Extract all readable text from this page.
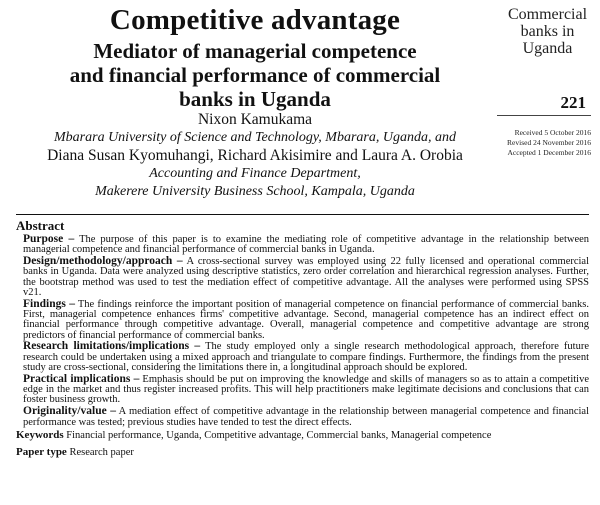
Competitive advantage
Mediator of managerial competence
and financial performance of commercial
banks in Uganda
Nixon Kamukama
Mbarara University of Science and Technology, Mbarara, Uganda, and
Diana Susan Kyomuhangi, Richard Akisimire and Laura A. Orobia
Accounting and Finance Department,
Makerere University Business School, Kampala, Uganda
Commercial
banks in
Uganda
221
Received 5 October 2016
Revised 24 November 2016
Accepted 1 December 2016
Abstract

Purpose – The purpose of this paper is to examine the mediating role of competitive advantage in the relationship between managerial competence and financial performance of commercial banks in Uganda.

Design/methodology/approach – A cross-sectional survey was employed using 22 fully licensed and operational commercial banks in Uganda. Data were analyzed using descriptive statistics, zero order correlation and hierarchical regression analyses. Further, the bootstrap method was used to test the mediation effect of competitive advantage. All the analyses were performed using SPSS v21.

Findings – The findings reinforce the important position of managerial competence on financial performance of commercial banks. First, managerial competence enhances firms' competitive advantage. Second, managerial competence has an indirect effect on financial performance through competitive advantage. Overall, managerial competence and competitive advantage are strong predictors of financial performance of commercial banks.

Research limitations/implications – The study employed only a single research methodological approach, therefore future research could be undertaken using a mixed approach and triangulate to compare findings. Furthermore, the findings from the present study are cross-sectional, considering the limitations there in, a longitudinal approach should be explored.

Practical implications – Emphasis should be put on improving the knowledge and skills of managers so as to attain a competitive edge in the market and thus register increased profits. This will help practitioners make legitimate decisions and conclusions that can foster business growth.

Originality/value – A mediation effect of competitive advantage in the relationship between managerial competence and financial performance was tested; previous studies have tended to test the direct effects.

Keywords Financial performance, Uganda, Competitive advantage, Commercial banks, Managerial competence
Paper type Research paper
